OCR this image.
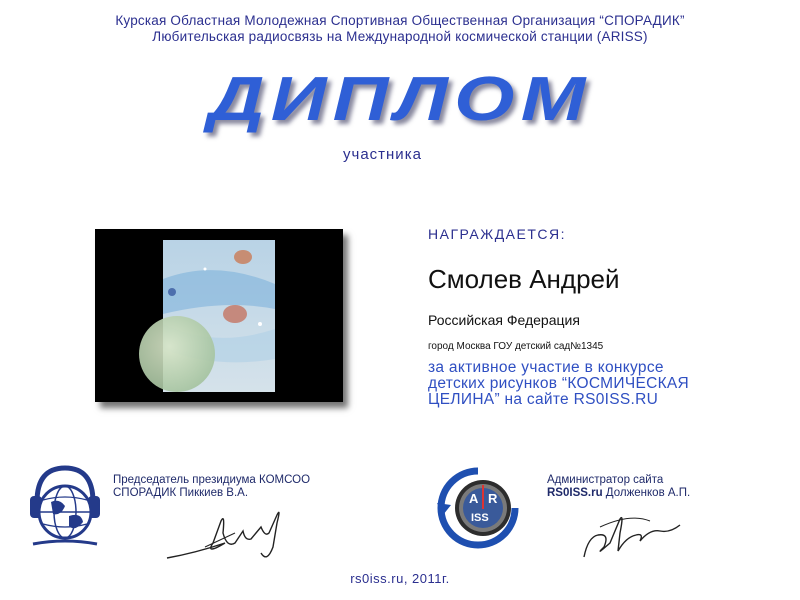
Курская Областная Молодежная Спортивная Общественная Организация “СПОРАДИК”
Любительская радиосвязь на Международной космической станции (ARISS)
ДИПЛОМ
участника
НАГРАЖДАЕТСЯ:
Смолев Андрей
Российская Федерация
город Москва ГОУ детский сад№1345
за активное участие в конкурсе
детских рисунков “КОСМИЧЕСКАЯ
ЦЕЛИНА” на сайте RS0ISS.RU
Председатель президиума КОМСОО
СПОРАДИК Пиккиев В.А.	A R
ISS
Администратор сайта
RS0ISS.ru Долженков А.П.
rs0iss.ru, 2011г.
